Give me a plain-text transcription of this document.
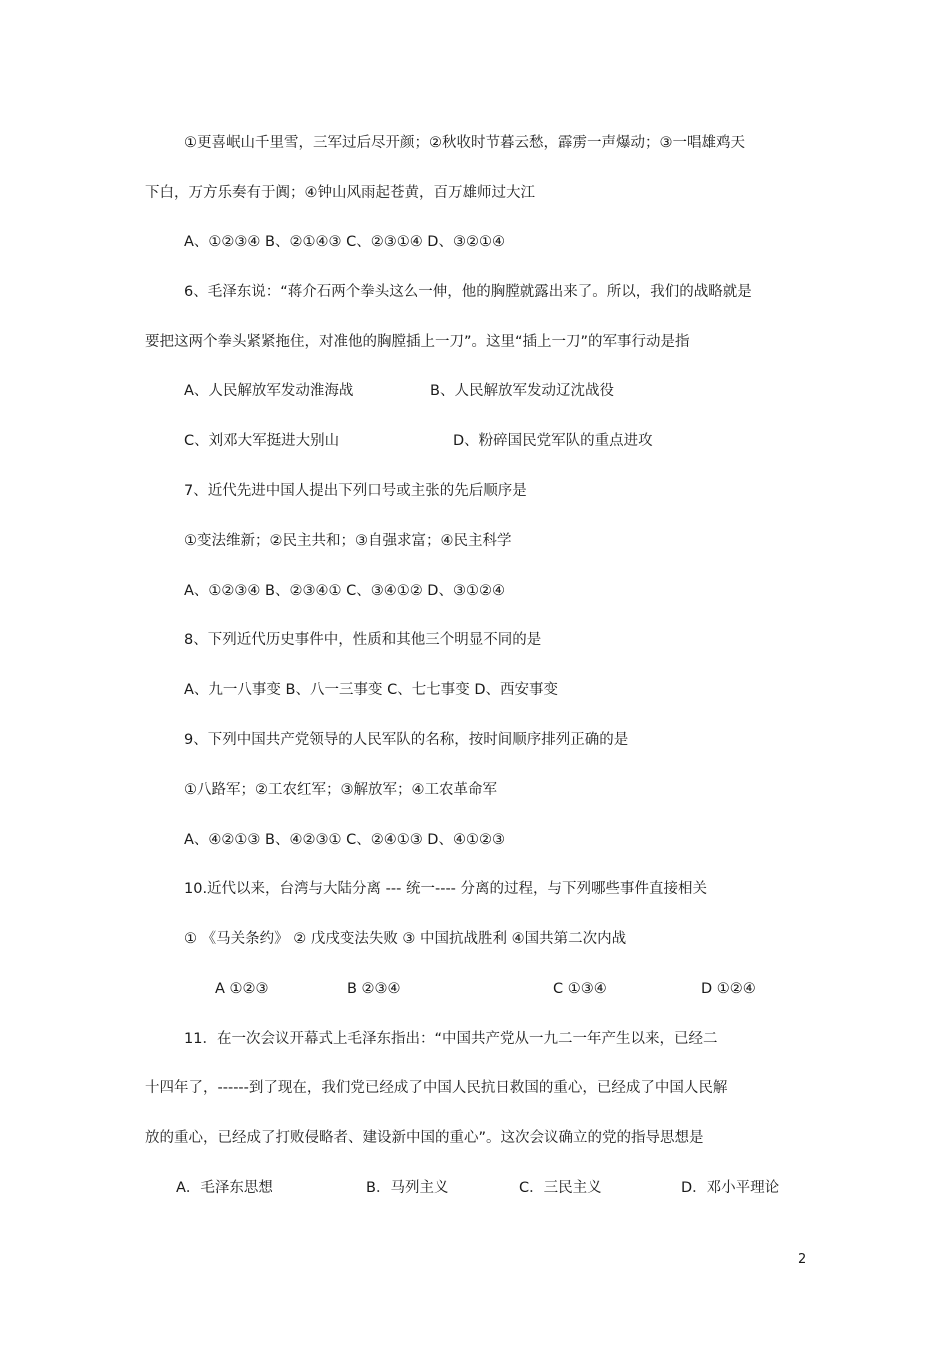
①更喜岷山千里雪，三军过后尽开颜；②秋收时节暮云愁，霹雳一声爆动；③一唱雄鸡天
下白，万方乐奏有于阗；④钟山风雨起苍黄，百万雄师过大江
A、①②③④ B、②①④③ C、②③①④ D、③②①④
6、毛泽东说：“蒋介石两个拳头这么一伸，他的胸膛就露出来了。所以，我们的战略就是
要把这两个拳头紧紧拖住，对准他的胸膛插上一刀”。这里“插上一刀”的军事行动是指
A、人民解放军发动淮海战	B、人民解放军发动辽沈战役
C、刘邓大军挺进大别山	D、粉碎国民党军队的重点进攻
7、近代先进中国人提出下列口号或主张的先后顺序是
①变法维新；②民主共和；③自强求富；④民主科学
A、①②③④ B、②③④① C、③④①② D、③①②④
8、下列近代历史事件中，性质和其他三个明显不同的是
A、九一八事变 B、八一三事变 C、七七事变 D、西安事变
9、下列中国共产党领导的人民军队的名称，按时间顺序排列正确的是
①八路军；②工农红军；③解放军；④工农革命军
A、④②①③ B、④②③① C、②④①③ D、④①②③
10.近代以来，台湾与大陆分离 --- 统一---- 分离的过程，与下列哪些事件直接相关
① 《马关条约》 ② 戊戌变法失败 ③ 中国抗战胜利 ④国共第二次内战
A ①②③	B ②③④	C ①③④	D ①②④
11．在一次会议开幕式上毛泽东指出：“中国共产党从一九二一年产生以来，已经二
十四年了，------到了现在，我们党已经成了中国人民抗日救国的重心，已经成了中国人民解
放的重心，已经成了打败侵略者、建设新中国的重心”。这次会议确立的党的指导思想是
A．毛泽东思想	B．马列主义	C．三民主义	D．邓小平理论
2
